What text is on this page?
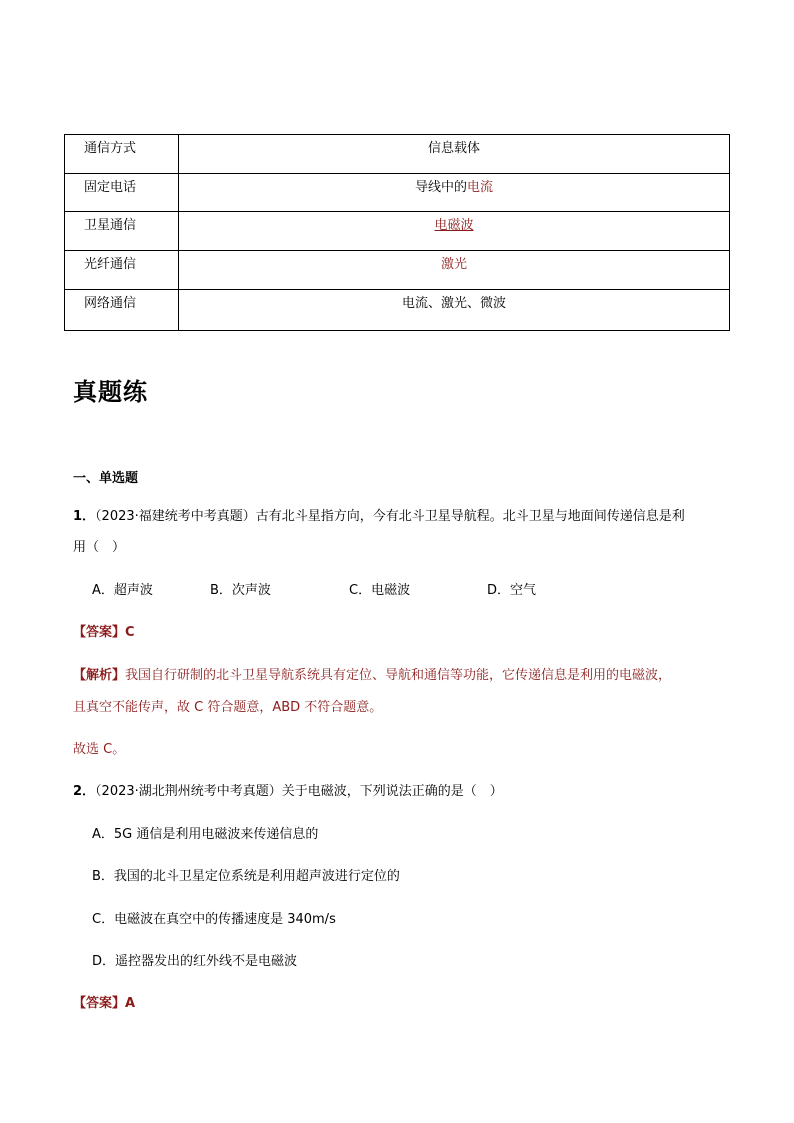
通信方式	信息载体
固定电话	导线中的电流
卫星通信	电磁波
光纤通信	激光
网络通信	电流、激光、微波
真题练
一、单选题
1．（2023·福建统考中考真题）古有北斗星指方向，今有北斗卫星导航程。北斗卫星与地面间传递信息是利
用（　）
A．超声波	B．次声波	C．电磁波	D．空气
【答案】C
【解析】我国自行研制的北斗卫星导航系统具有定位、导航和通信等功能，它传递信息是利用的电磁波，
且真空不能传声，故 C 符合题意，ABD 不符合题意。
故选 C。
2．（2023·湖北荆州统考中考真题）关于电磁波，下列说法正确的是（　）
A．5G 通信是利用电磁波来传递信息的
B．我国的北斗卫星定位系统是利用超声波进行定位的
C．电磁波在真空中的传播速度是 340m/s
D．遥控器发出的红外线不是电磁波
【答案】A
